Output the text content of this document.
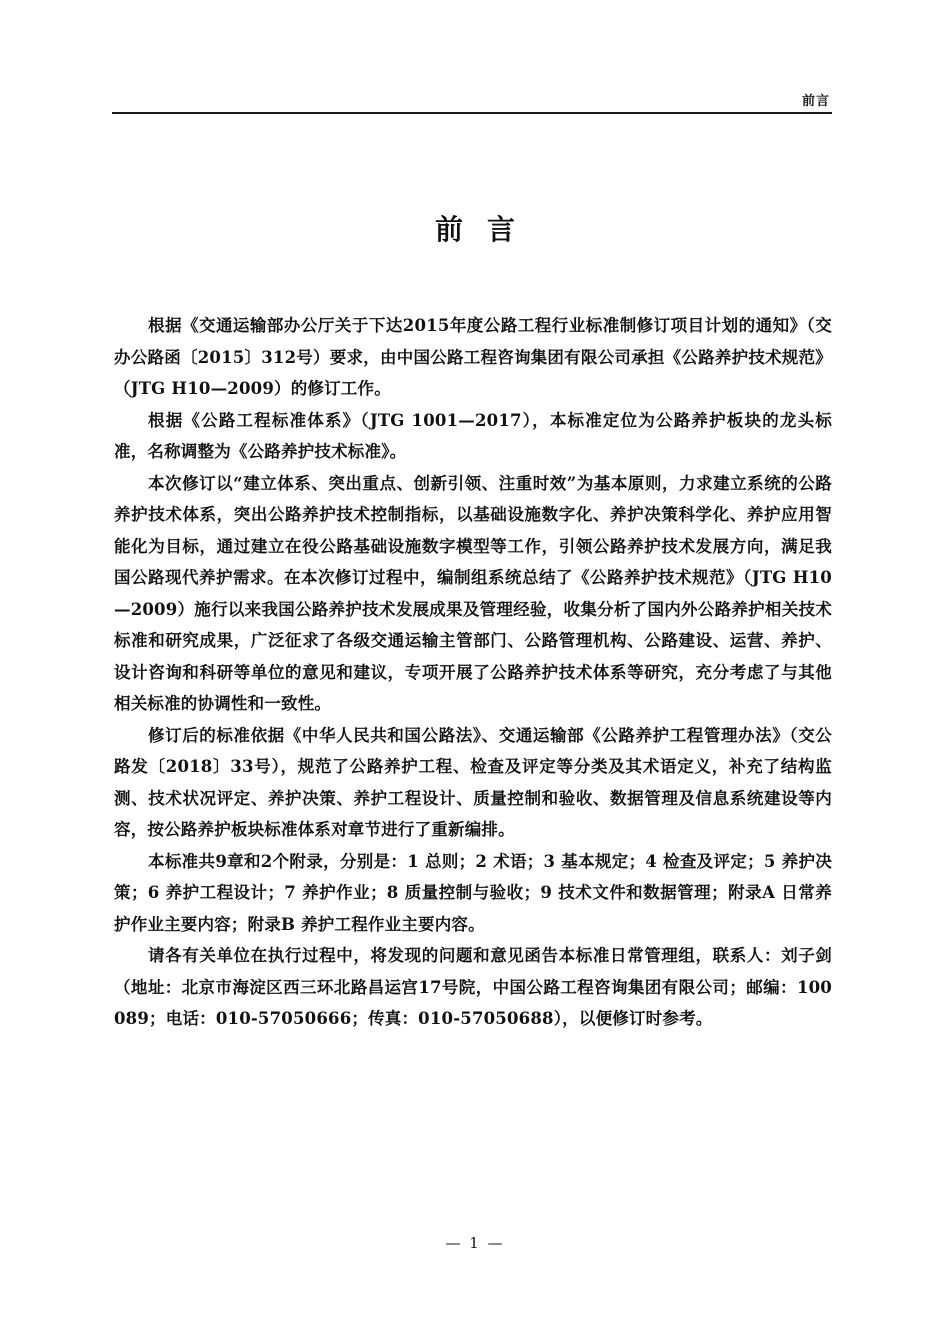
前言
前言

根据《交通运输部办公厅关于下达2015年度公路工程行业标准制修订项目计划的通知》（交办公路函〔2015〕312号）要求，由中国公路工程咨询集团有限公司承担《公路养护技术规范》（JTG H10—2009）的修订工作。

根据《公路工程标准体系》（JTG 1001—2017），本标准定位为公路养护板块的龙头标准，名称调整为《公路养护技术标准》。

本次修订以“建立体系、突出重点、创新引领、注重时效”为基本原则，力求建立系统的公路养护技术体系，突出公路养护技术控制指标，以基础设施数字化、养护决策科学化、养护应用智能化为目标，通过建立在役公路基础设施数字模型等工作，引领公路养护技术发展方向，满足我国公路现代养护需求。在本次修订过程中，编制组系统总结了《公路养护技术规范》（JTG H10—2009）施行以来我国公路养护技术发展成果及管理经验，收集分析了国内外公路养护相关技术标准和研究成果，广泛征求了各级交通运输主管部门、公路管理机构、公路建设、运营、养护、设计咨询和科研等单位的意见和建议，专项开展了公路养护技术体系等研究，充分考虑了与其他相关标准的协调性和一致性。

修订后的标准依据《中华人民共和国公路法》、交通运输部《公路养护工程管理办法》（交公路发〔2018〕33号），规范了公路养护工程、检查及评定等分类及其术语定义，补充了结构监测、技术状况评定、养护决策、养护工程设计、质量控制和验收、数据管理及信息系统建设等内容，按公路养护板块标准体系对章节进行了重新编排。

本标准共9章和2个附录，分别是：1 总则；2 术语；3 基本规定；4 检查及评定；5 养护决策；6 养护工程设计；7 养护作业；8 质量控制与验收；9 技术文件和数据管理；附录A 日常养护作业主要内容；附录B 养护工程作业主要内容。

请各有关单位在执行过程中，将发现的问题和意见函告本标准日常管理组，联系人：刘子剑（地址：北京市海淀区西三环北路昌运宫17号院，中国公路工程咨询集团有限公司；邮编：100089；电话：010-57050666；传真：010-57050688），以便修订时参考。

— 1 —
